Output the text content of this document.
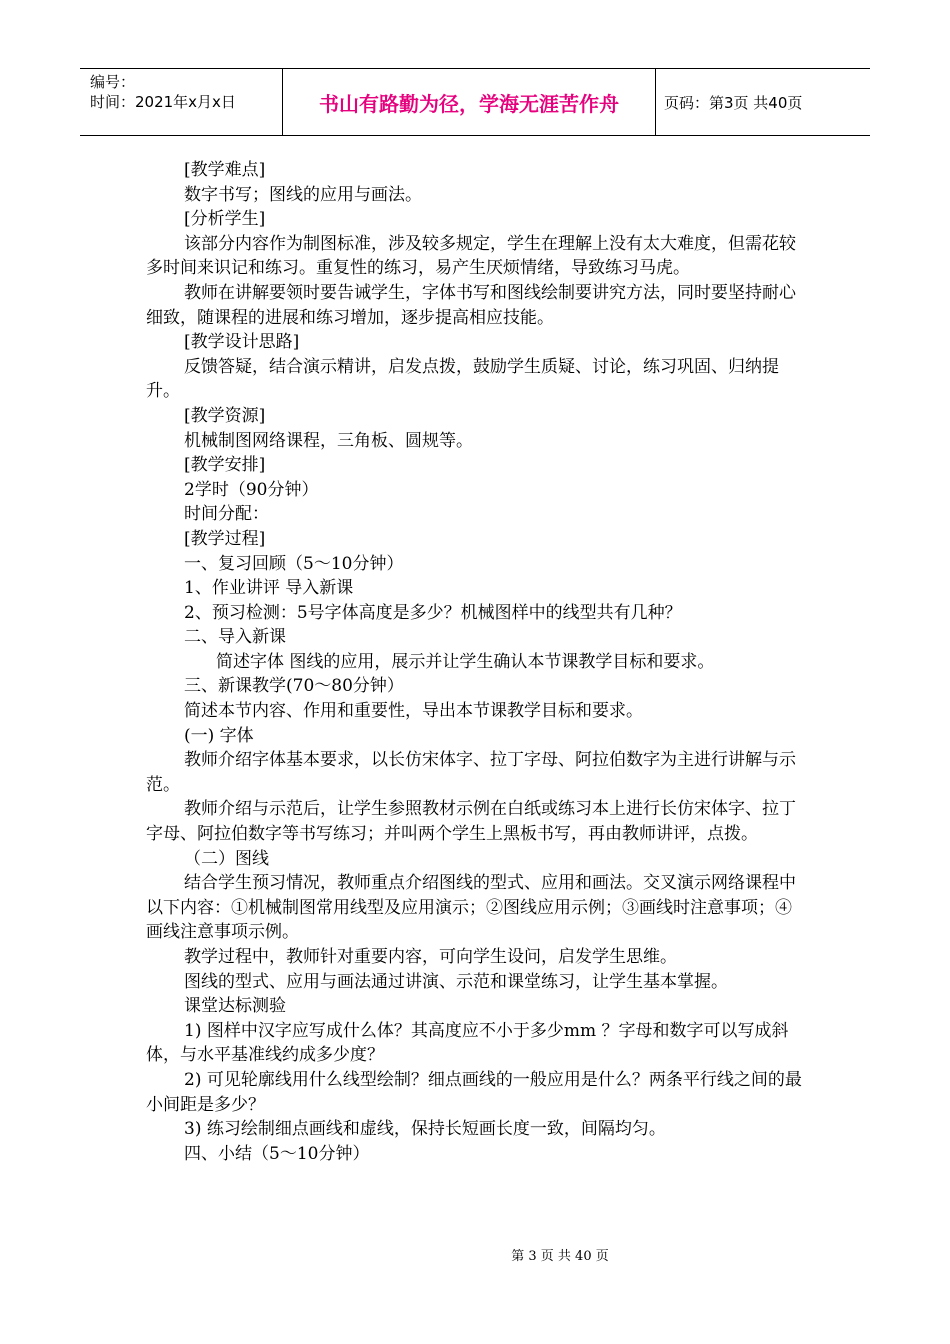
编号：
时间：2021年x月x日	书山有路勤为径，学海无涯苦作舟	页码：第3页 共40页

[教学难点]

数字书写；图线的应用与画法。

[分析学生]

该部分内容作为制图标准，涉及较多规定，学生在理解上没有太大难度，但需花较多时间来识记和练习。重复性的练习，易产生厌烦情绪，导致练习马虎。

教师在讲解要领时要告诫学生，字体书写和图线绘制要讲究方法，同时要坚持耐心细致，随课程的进展和练习增加，逐步提高相应技能。

[教学设计思路]

反馈答疑，结合演示精讲，启发点拨，鼓励学生质疑、讨论，练习巩固、归纳提升。

[教学资源]

机械制图网络课程，三角板、圆规等。

[教学安排]

2学时（90分钟）

时间分配：

[教学过程]

一、复习回顾（5～10分钟）

1、作业讲评 导入新课

2、预习检测：5号字体高度是多少？机械图样中的线型共有几种？

二、导入新课

简述字体 图线的应用，展示并让学生确认本节课教学目标和要求。

三、新课教学(70～80分钟）

简述本节内容、作用和重要性，导出本节课教学目标和要求。

(一) 字体

教师介绍字体基本要求，以长仿宋体字、拉丁字母、阿拉伯数字为主进行讲解与示范。

教师介绍与示范后，让学生参照教材示例在白纸或练习本上进行长仿宋体字、拉丁字母、阿拉伯数字等书写练习；并叫两个学生上黑板书写，再由教师讲评，点拨。

（二）图线

结合学生预习情况，教师重点介绍图线的型式、应用和画法。交叉演示网络课程中以下内容：①机械制图常用线型及应用演示；②图线应用示例；③画线时注意事项；④画线注意事项示例。

教学过程中，教师针对重要内容，可向学生设问，启发学生思维。

图线的型式、应用与画法通过讲演、示范和课堂练习，让学生基本掌握。

课堂达标测验

1) 图样中汉字应写成什么体？其高度应不小于多少mm ？字母和数字可以写成斜体，与水平基准线约成多少度？

2) 可见轮廓线用什么线型绘制？细点画线的一般应用是什么？两条平行线之间的最小间距是多少？

3) 练习绘制细点画线和虚线，保持长短画长度一致，间隔均匀。

四、小结（5～10分钟）

第 3 页 共 40 页
